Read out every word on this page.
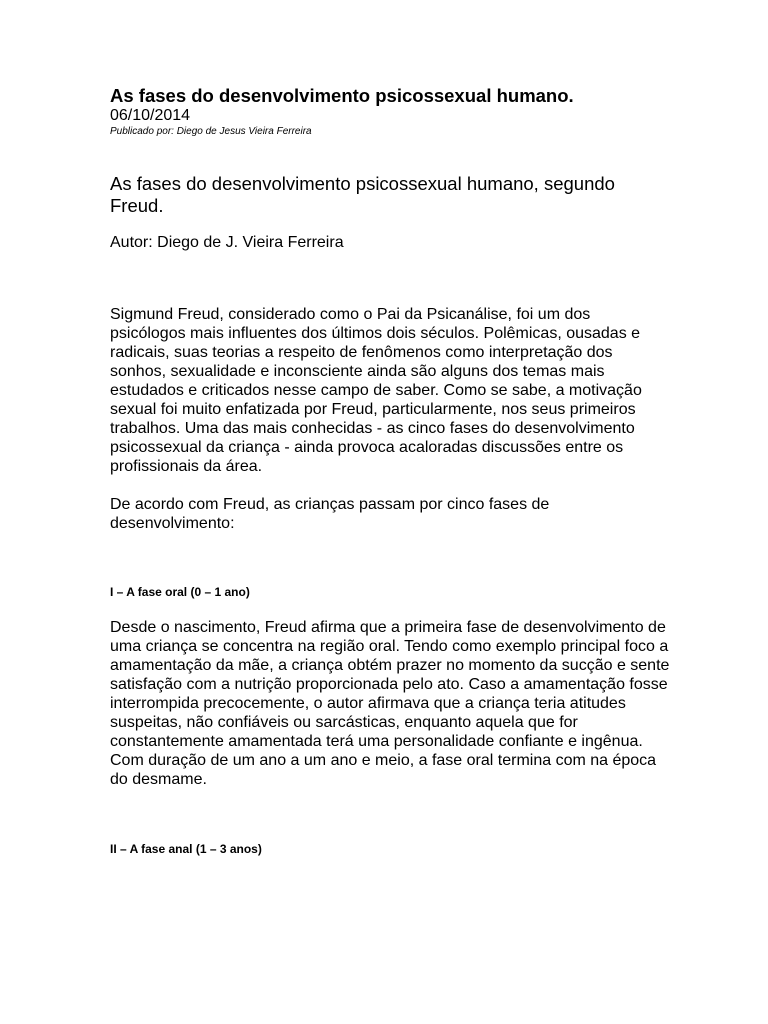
As fases do desenvolvimento psicossexual humano.

06/10/2014

Publicado por: Diego de Jesus Vieira Ferreira

As fases do desenvolvimento psicossexual humano, segundo Freud.

Autor: Diego de J. Vieira Ferreira

Sigmund Freud, considerado como o Pai da Psicanálise, foi um dos psicólogos mais influentes dos últimos dois séculos. Polêmicas, ousadas e radicais, suas teorias a respeito de fenômenos como interpretação dos sonhos, sexualidade e inconsciente ainda são alguns dos temas mais estudados e criticados nesse campo de saber. Como se sabe, a motivação sexual foi muito enfatizada por Freud, particularmente, nos seus primeiros trabalhos. Uma das mais conhecidas - as cinco fases do desenvolvimento psicossexual da criança - ainda provoca acaloradas discussões entre os profissionais da área.

De acordo com Freud, as crianças passam por cinco fases de desenvolvimento:

I – A fase oral (0 – 1 ano)

Desde o nascimento, Freud afirma que a primeira fase de desenvolvimento de uma criança se concentra na região oral. Tendo como exemplo principal foco a amamentação da mãe, a criança obtém prazer no momento da sucção e sente satisfação com a nutrição proporcionada pelo ato. Caso a amamentação fosse interrompida precocemente, o autor afirmava que a criança teria atitudes suspeitas, não confiáveis ou sarcásticas, enquanto aquela que for constantemente amamentada terá uma personalidade confiante e ingênua. Com duração de um ano a um ano e meio, a fase oral termina com na época do desmame.

II – A fase anal (1 – 3 anos)
